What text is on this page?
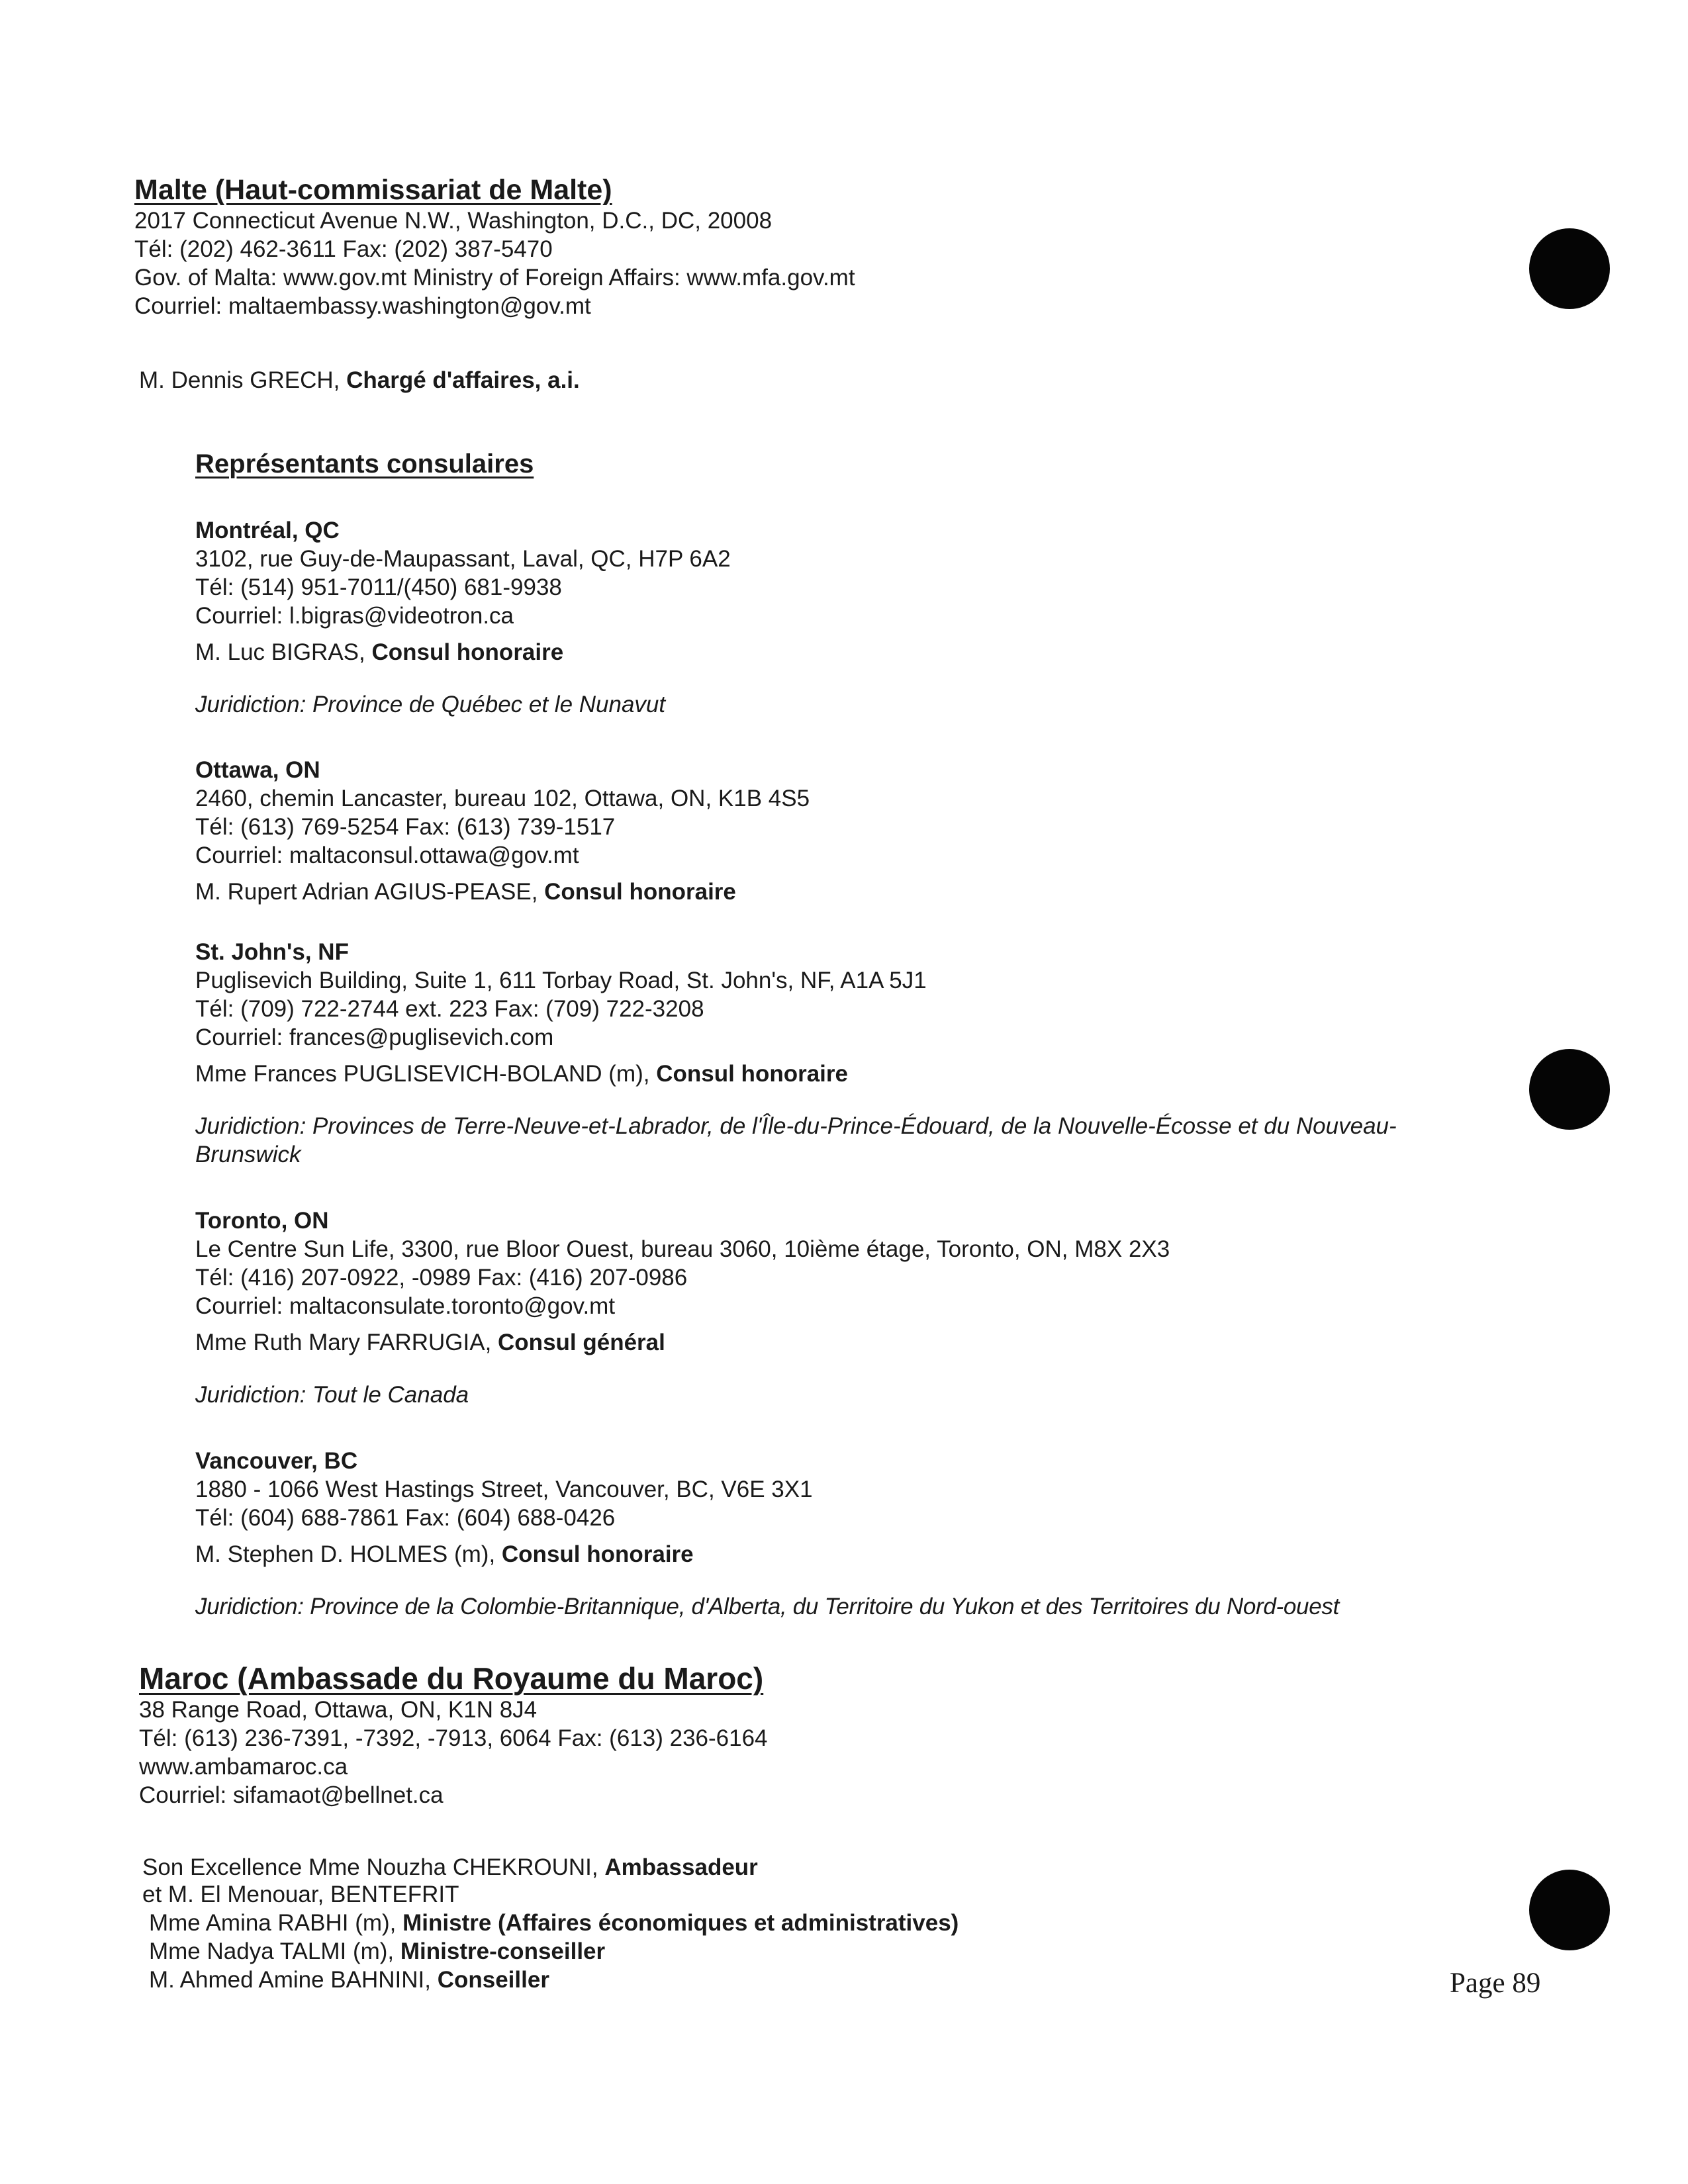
Malte (Haut-commissariat de Malte)
2017 Connecticut Avenue N.W., Washington, D.C., DC, 20008
Tél: (202) 462-3611 Fax: (202) 387-5470
Gov. of Malta: www.gov.mt Ministry of Foreign Affairs: www.mfa.gov.mt
Courriel: maltaembassy.washington@gov.mt
M. Dennis GRECH, Chargé d'affaires, a.i.
Représentants consulaires
Montréal, QC
3102, rue Guy-de-Maupassant, Laval, QC, H7P 6A2
Tél: (514) 951-7011/(450) 681-9938
Courriel: l.bigras@videotron.ca
M. Luc BIGRAS, Consul honoraire
Juridiction: Province de Québec et le Nunavut
Ottawa, ON
2460, chemin Lancaster, bureau 102, Ottawa, ON, K1B 4S5
Tél: (613) 769-5254 Fax: (613) 739-1517
Courriel: maltaconsul.ottawa@gov.mt
M. Rupert Adrian AGIUS-PEASE, Consul honoraire
St. John's, NF
Puglisevich Building, Suite 1, 611 Torbay Road, St. John's, NF, A1A 5J1
Tél: (709) 722-2744 ext. 223 Fax: (709) 722-3208
Courriel: frances@puglisevich.com
Mme Frances PUGLISEVICH-BOLAND (m), Consul honoraire
Juridiction: Provinces de Terre-Neuve-et-Labrador, de l'Île-du-Prince-Édouard, de la Nouvelle-Écosse et du Nouveau-
Brunswick
Toronto, ON
Le Centre Sun Life, 3300, rue Bloor Ouest, bureau 3060, 10ième étage, Toronto, ON, M8X 2X3
Tél: (416) 207-0922, -0989 Fax: (416) 207-0986
Courriel: maltaconsulate.toronto@gov.mt
Mme Ruth Mary FARRUGIA, Consul général
Juridiction: Tout le Canada
Vancouver, BC
1880 - 1066 West Hastings Street, Vancouver, BC, V6E 3X1
Tél: (604) 688-7861 Fax: (604) 688-0426
M. Stephen D. HOLMES (m), Consul honoraire
Juridiction: Province de la Colombie-Britannique, d'Alberta, du Territoire du Yukon et des Territoires du Nord-ouest
Maroc (Ambassade du Royaume du Maroc)
38 Range Road, Ottawa, ON, K1N 8J4
Tél: (613) 236-7391, -7392, -7913, 6064 Fax: (613) 236-6164
www.ambamaroc.ca
Courriel: sifamaot@bellnet.ca
Son Excellence Mme Nouzha CHEKROUNI, Ambassadeur
et M. El Menouar, BENTEFRIT
Mme Amina RABHI (m), Ministre (Affaires économiques et administratives)
Mme Nadya TALMI (m), Ministre-conseiller
M. Ahmed Amine BAHNINI, Conseiller	Page 89
